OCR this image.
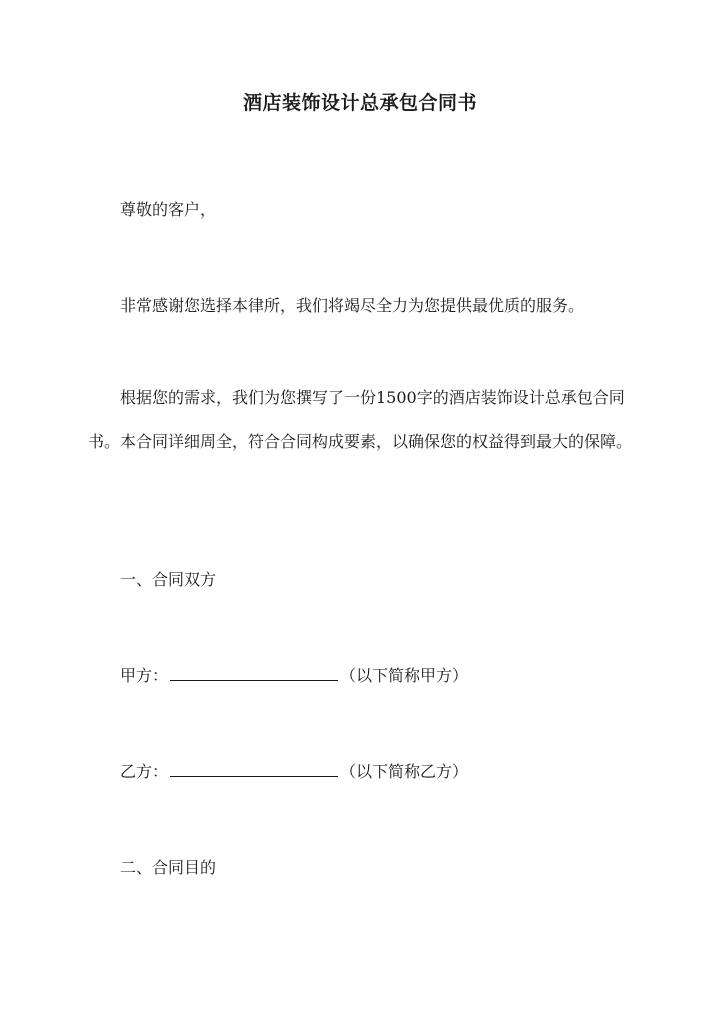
酒店装饰设计总承包合同书

尊敬的客户，

非常感谢您选择本律所，我们将竭尽全力为您提供最优质的服务。

根据您的需求，我们为您撰写了一份1500字的酒店装饰设计总承包合同书。本合同详细周全，符合合同构成要素，以确保您的权益得到最大的保障。

一、合同双方

甲方：	（以下简称甲方）

乙方：	（以下简称乙方）

二、合同目的
